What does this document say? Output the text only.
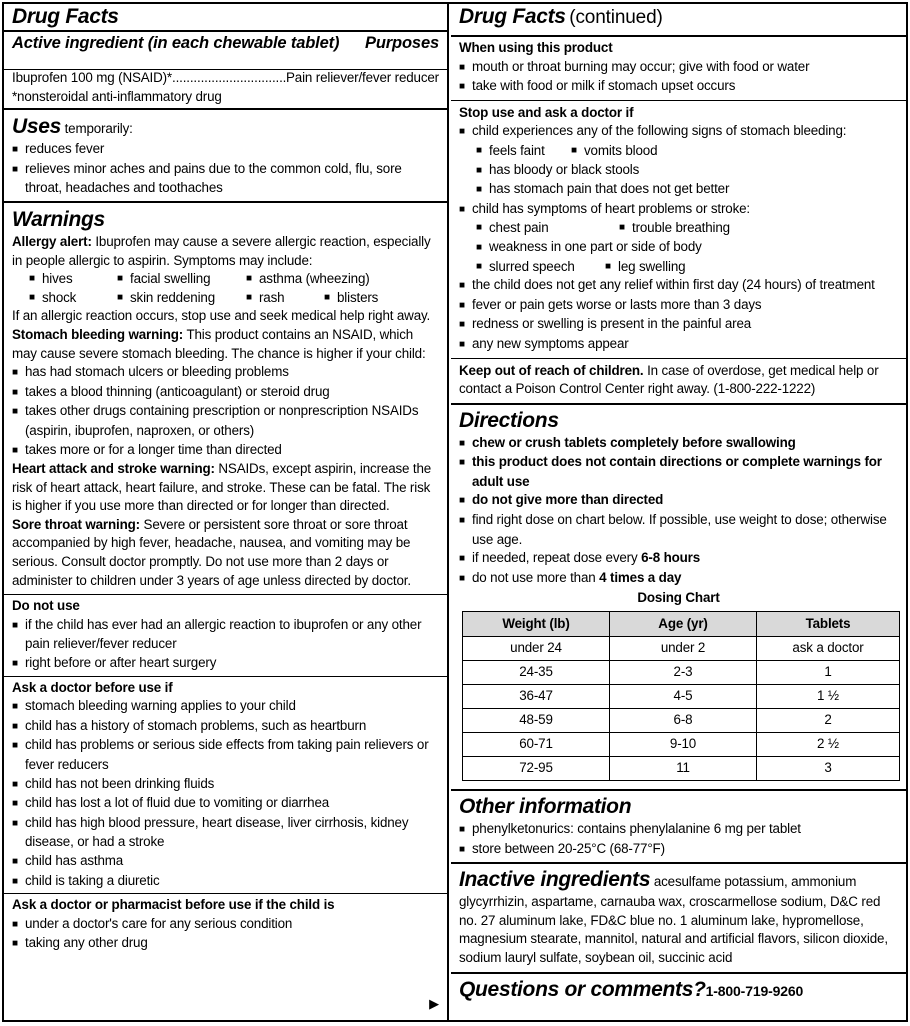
Drug Facts
Active ingredient (in each chewable tablet) Purposes
Ibuprofen 100 mg (NSAID)* ................................ Pain reliever/fever reducer
*nonsteroidal anti-inflammatory drug
Uses temporarily:
■ reduces fever
■ relieves minor aches and pains due to the common cold, flu, sore throat, headaches and toothaches
Warnings
Allergy alert: Ibuprofen may cause a severe allergic reaction, especially in people allergic to aspirin. Symptoms may include:
■ hives	■ facial swelling	■ asthma (wheezing)
■ shock	■ skin reddening	■ rash	■ blisters
If an allergic reaction occurs, stop use and seek medical help right away.
Stomach bleeding warning: This product contains an NSAID, which may cause severe stomach bleeding. The chance is higher if your child:
■ has had stomach ulcers or bleeding problems
■ takes a blood thinning (anticoagulant) or steroid drug
■ takes other drugs containing prescription or nonprescription NSAIDs (aspirin, ibuprofen, naproxen, or others)
■ takes more or for a longer time than directed
Heart attack and stroke warning: NSAIDs, except aspirin, increase the risk of heart attack, heart failure, and stroke. These can be fatal. The risk is higher if you use more than directed or for longer than directed.
Sore throat warning: Severe or persistent sore throat or sore throat accompanied by high fever, headache, nausea, and vomiting may be serious. Consult doctor promptly. Do not use more than 2 days or administer to children under 3 years of age unless directed by doctor.
Do not use
■ if the child has ever had an allergic reaction to ibuprofen or any other pain reliever/fever reducer
■ right before or after heart surgery
Ask a doctor before use if
■ stomach bleeding warning applies to your child
■ child has a history of stomach problems, such as heartburn
■ child has problems or serious side effects from taking pain relievers or fever reducers
■ child has not been drinking fluids
■ child has lost a lot of fluid due to vomiting or diarrhea
■ child has high blood pressure, heart disease, liver cirrhosis, kidney disease, or had a stroke
■ child has asthma
■ child is taking a diuretic
Ask a doctor or pharmacist before use if the child is
■ under a doctor's care for any serious condition
■ taking any other drug
▶
Drug Facts (continued)
When using this product
■ mouth or throat burning may occur; give with food or water
■ take with food or milk if stomach upset occurs
Stop use and ask a doctor if
■ child experiences any of the following signs of stomach bleeding:
■ feels faint	■ vomits blood
■ has bloody or black stools
■ has stomach pain that does not get better
■ child has symptoms of heart problems or stroke:
■ chest pain	■ trouble breathing
■ weakness in one part or side of body
■ slurred speech	■ leg swelling
■ the child does not get any relief within first day (24 hours) of treatment
■ fever or pain gets worse or lasts more than 3 days
■ redness or swelling is present in the painful area
■ any new symptoms appear
Keep out of reach of children. In case of overdose, get medical help or contact a Poison Control Center right away. (1-800-222-1222)
Directions
■ chew or crush tablets completely before swallowing
■ this product does not contain directions or complete warnings for adult use
■ do not give more than directed
■ find right dose on chart below. If possible, use weight to dose; otherwise use age.
■ if needed, repeat dose every 6-8 hours
■ do not use more than 4 times a day
Dosing Chart
Weight (lb)	Age (yr)	Tablets
under 24	under 2	ask a doctor
24-35	2-3	1
36-47	4-5	1 ½
48-59	6-8	2
60-71	9-10	2 ½
72-95	11	3
Other information
■ phenylketonurics: contains phenylalanine 6 mg per tablet
■ store between 20-25°C (68-77°F)
Inactive ingredients acesulfame potassium, ammonium glycyrrhizin, aspartame, carnauba wax, croscarmellose sodium, D&C red no. 27 aluminum lake, FD&C blue no. 1 aluminum lake, hypromellose, magnesium stearate, mannitol, natural and artificial flavors, silicon dioxide, sodium lauryl sulfate, soybean oil, succinic acid
Questions or comments?1-800-719-9260
